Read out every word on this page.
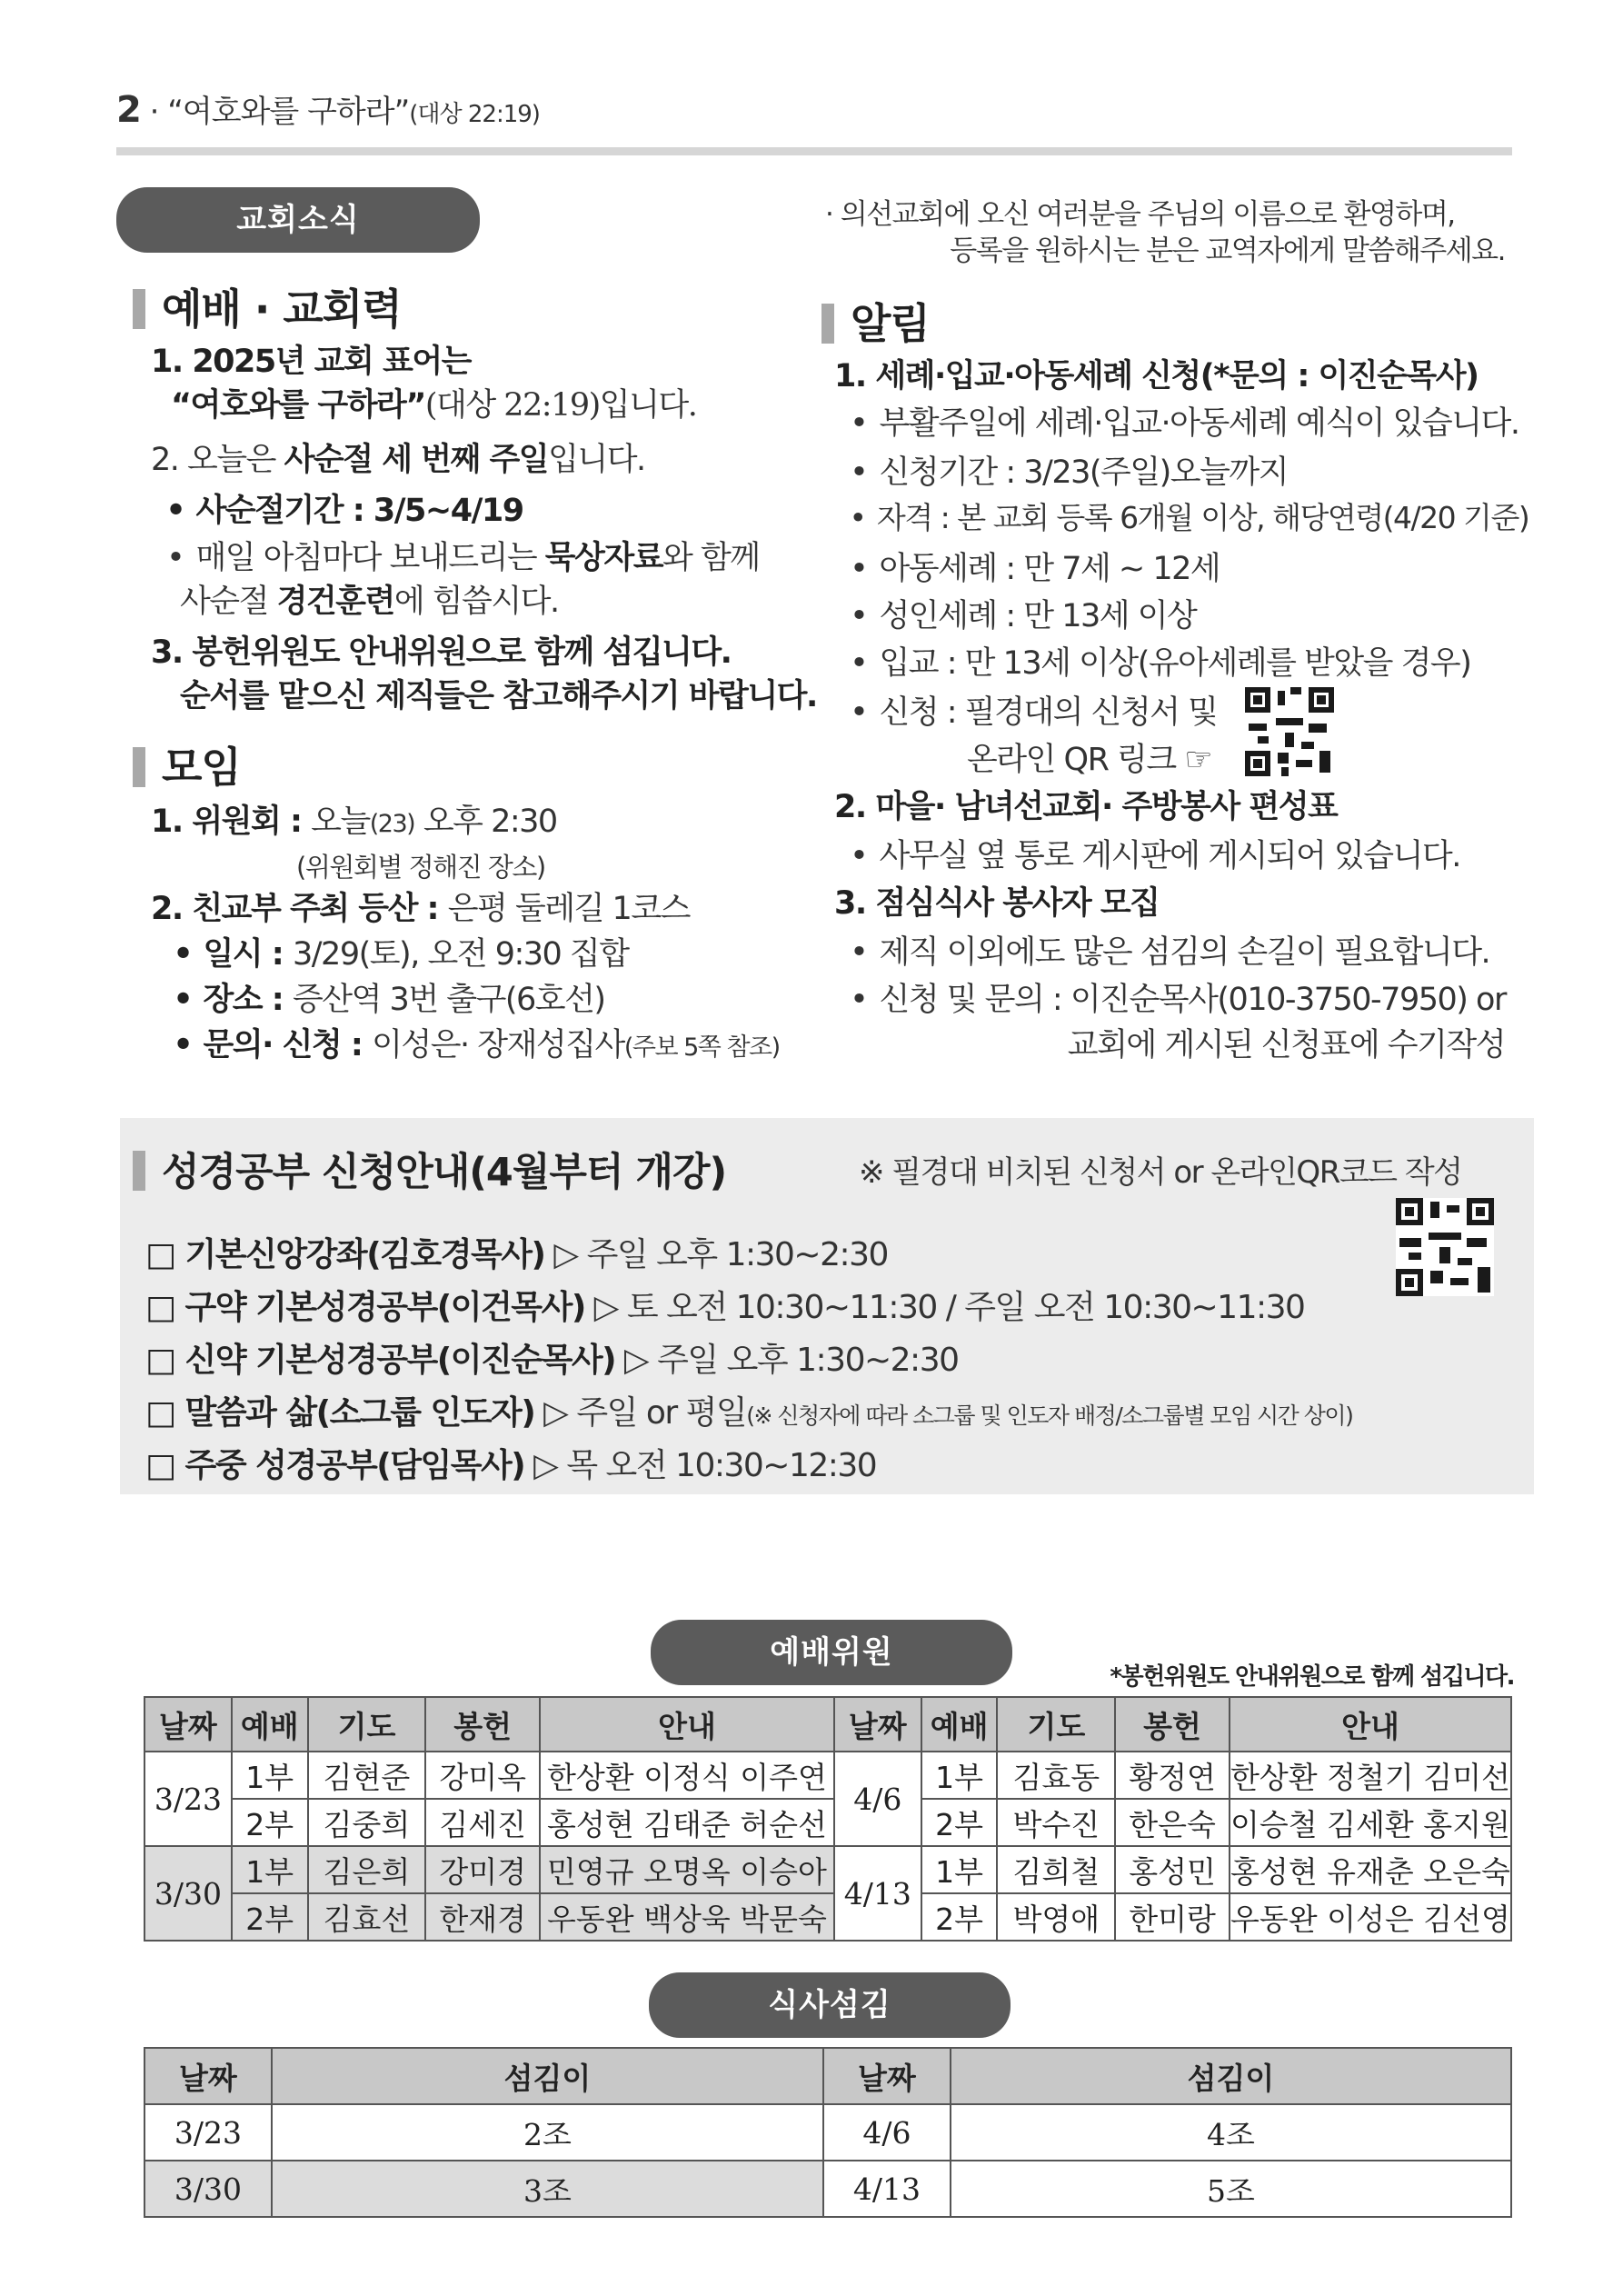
2 · “여호와를 구하라”(대상 22:19)
교회소식
예배 · 교회력
1. 2025년 교회 표어는
“여호와를 구하라”(대상 22:19)입니다.
2. 오늘은 사순절 세 번째 주일입니다.
• 사순절기간 : 3/5~4/19
• 매일 아침마다 보내드리는 묵상자료와 함께
사순절 경건훈련에 힘씁시다.
3. 봉헌위원도 안내위원으로 함께 섬깁니다.
순서를 맡으신 제직들은 참고해주시기 바랍니다.
모임
1. 위원회 : 오늘(23) 오후 2:30
(위원회별 정해진 장소)
2. 친교부 주최 등산 : 은평 둘레길 1코스
• 일시 : 3/29(토), 오전 9:30 집합
• 장소 : 증산역 3번 출구(6호선)
• 문의· 신청 : 이성은· 장재성집사(주보 5쪽 참조)
· 의선교회에 오신 여러분을 주님의 이름으로 환영하며,
등록을 원하시는 분은 교역자에게 말씀해주세요.
알림
1. 세례·입교·아동세례 신청(*문의 : 이진순목사)
• 부활주일에 세례·입교·아동세례 예식이 있습니다.
• 신청기간 : 3/23(주일)오늘까지
• 자격 : 본 교회 등록 6개월 이상, 해당연령(4/20 기준)
• 아동세례 : 만 7세 ~ 12세
• 성인세례 : 만 13세 이상
• 입교 : 만 13세 이상(유아세례를 받았을 경우)
• 신청 : 필경대의 신청서 및
온라인 QR 링크 ☞
2. 마을· 남녀선교회· 주방봉사 편성표
• 사무실 옆 통로 게시판에 게시되어 있습니다.
3. 점심식사 봉사자 모집
• 제직 이외에도 많은 섬김의 손길이 필요합니다.
• 신청 및 문의 : 이진순목사(010-3750-7950) or
교회에 게시된 신청표에 수기작성
성경공부 신청안내(4월부터 개강)	※ 필경대 비치된 신청서 or 온라인QR코드 작성
□ 기본신앙강좌(김호경목사) ▷ 주일 오후 1:30~2:30
□ 구약 기본성경공부(이건목사) ▷ 토 오전 10:30~11:30 / 주일 오전 10:30~11:30
□ 신약 기본성경공부(이진순목사) ▷ 주일 오후 1:30~2:30
□ 말씀과 삶(소그룹 인도자) ▷ 주일 or 평일(※ 신청자에 따라 소그룹 및 인도자 배정/소그룹별 모임 시간 상이)
□ 주중 성경공부(담임목사) ▷ 목 오전 10:30~12:30
예배위원
*봉헌위원도 안내위원으로 함께 섬깁니다.
날짜	예배	기도	봉헌	안내	날짜	예배	기도	봉헌	안내
3/23	1부	김현준	강미옥	한상환 이정식 이주연	4/6	1부	김효동	황정연	한상환 정철기 김미선
	2부	김중희	김세진	홍성현 김태준 허순선		2부	박수진	한은숙	이승철 김세환 홍지원
3/30	1부	김은희	강미경	민영규 오명옥 이승아	4/13	1부	김희철	홍성민	홍성현 유재춘 오은숙
	2부	김효선	한재경	우동완 백상욱 박문숙		2부	박영애	한미랑	우동완 이성은 김선영
식사섬김
날짜	섬김이	날짜	섬김이
3/23	2조	4/6	4조
3/30	3조	4/13	5조
